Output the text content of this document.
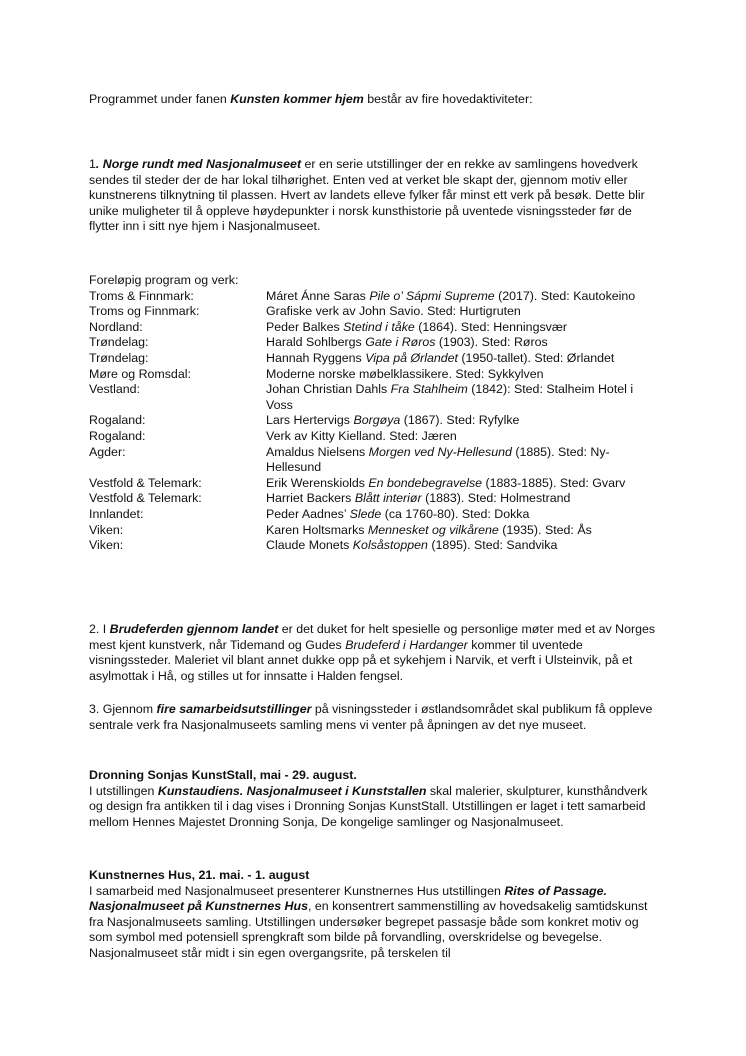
Programmet under fanen Kunsten kommer hjem består av fire hovedaktiviteter:

1. Norge rundt med Nasjonalmuseet er en serie utstillinger der en rekke av samlingens hovedverk sendes til steder der de har lokal tilhørighet. Enten ved at verket ble skapt der, gjennom motiv eller kunstnerens tilknytning til plassen. Hvert av landets elleve fylker får minst ett verk på besøk. Dette blir unike muligheter til å oppleve høydepunkter i norsk kunsthistorie på uventede visningssteder før de flytter inn i sitt nye hjem i Nasjonalmuseet.

Foreløpig program og verk:
Troms & Finnmark:	Máret Ánne Saras Pile o’ Sápmi Supreme (2017). Sted: Kautokeino
Troms og Finnmark:	Grafiske verk av John Savio. Sted: Hurtigruten
Nordland:	Peder Balkes Stetind i tåke (1864). Sted: Henningsvær
Trøndelag:	Harald Sohlbergs Gate i Røros (1903). Sted: Røros
Trøndelag:	Hannah Ryggens Vipa på Ørlandet (1950-tallet). Sted: Ørlandet
Møre og Romsdal:	Moderne norske møbelklassikere. Sted: Sykkylven
Vestland:	Johan Christian Dahls Fra Stahlheim (1842): Sted: Stalheim Hotel i Voss
Rogaland:	Lars Hertervigs Borgøya (1867). Sted: Ryfylke
Rogaland:	Verk av Kitty Kielland. Sted: Jæren
Agder:	Amaldus Nielsens Morgen ved Ny-Hellesund (1885). Sted: Ny-Hellesund
Vestfold & Telemark:	Erik Werenskiolds En bondebegravelse (1883-1885). Sted: Gvarv
Vestfold & Telemark:	Harriet Backers Blått interiør (1883). Sted: Holmestrand
Innlandet:	Peder Aadnes’ Slede (ca 1760-80). Sted: Dokka
Viken:	Karen Holtsmarks Mennesket og vilkårene (1935). Sted: Ås
Viken:	Claude Monets Kolsåstoppen (1895). Sted: Sandvika

2. I Brudeferden gjennom landet er det duket for helt spesielle og personlige møter med et av Norges mest kjent kunstverk, når Tidemand og Gudes Brudeferd i Hardanger kommer til uventede visningssteder. Maleriet vil blant annet dukke opp på et sykehjem i Narvik, et verft i Ulsteinvik, på et asylmottak i Hå, og stilles ut for innsatte i Halden fengsel.

3. Gjennom fire samarbeidsutstillinger på visningssteder i østlandsområdet skal publikum få oppleve sentrale verk fra Nasjonalmuseets samling mens vi venter på åpningen av det nye museet.

Dronning Sonjas KunstStall, mai - 29. august.
I utstillingen Kunstaudiens. Nasjonalmuseet i Kunststallen skal malerier, skulpturer, kunsthåndverk og design fra antikken til i dag vises i Dronning Sonjas KunstStall. Utstillingen er laget i tett samarbeid mellom Hennes Majestet Dronning Sonja, De kongelige samlinger og Nasjonalmuseet.
Kunstnernes Hus, 21. mai. - 1. august
I samarbeid med Nasjonalmuseet presenterer Kunstnernes Hus utstillingen Rites of Passage. Nasjonalmuseet på Kunstnernes Hus, en konsentrert sammenstilling av hovedsakelig samtidskunst fra Nasjonalmuseets samling. Utstillingen undersøker begrepet passasje både som konkret motiv og som symbol med potensiell sprengkraft som bilde på forvandling, overskridelse og bevegelse. Nasjonalmuseet står midt i sin egen overgangsrite, på terskelen til
